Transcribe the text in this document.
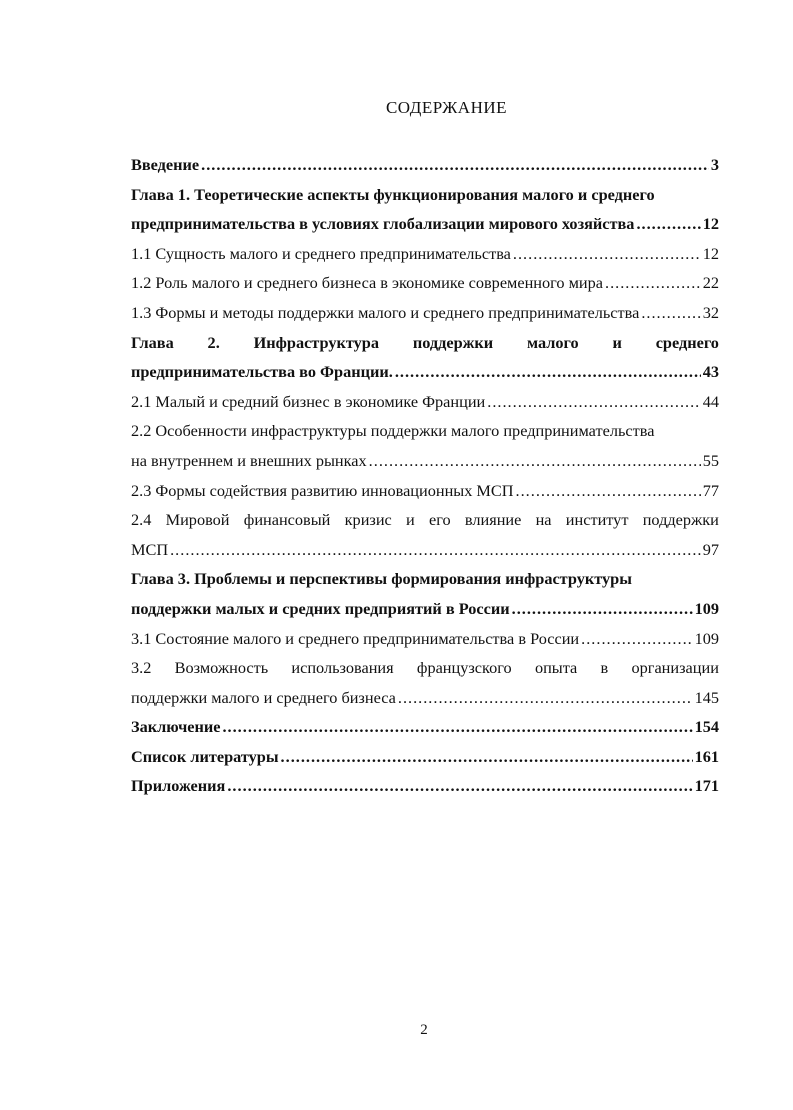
СОДЕРЖАНИЕ
Введение .....	3
Глава 1. Теоретические аспекты функционирования малого и среднего
предпринимательства в условиях глобализации мирового хозяйства .....	12
1.1 Сущность малого и среднего предпринимательства .....	12
1.2 Роль малого и среднего бизнеса в экономике современного мира .....	22
1.3 Формы и методы поддержки малого и среднего предпринимательства .....	32
Глава 2. Инфраструктура поддержки малого и среднего
предпринимательства во Франции. .....	43
2.1 Малый и средний бизнес в экономике Франции .....	44
2.2 Особенности инфраструктуры поддержки малого предпринимательства
на внутреннем и внешних рынках .....	55
2.3 Формы содействия развитию инновационных МСП .....	77
2.4 Мировой финансовый кризис и его влияние на институт поддержки
МСП .....	97
Глава 3. Проблемы и перспективы формирования инфраструктуры
поддержки малых и средних предприятий в России .....	109
3.1 Состояние малого и среднего предпринимательства в России .....	109
3.2 Возможность использования французского опыта в организации
поддержки малого и среднего бизнеса .....	145
Заключение .....	154
Список литературы .....	161
Приложения .....	171
2
